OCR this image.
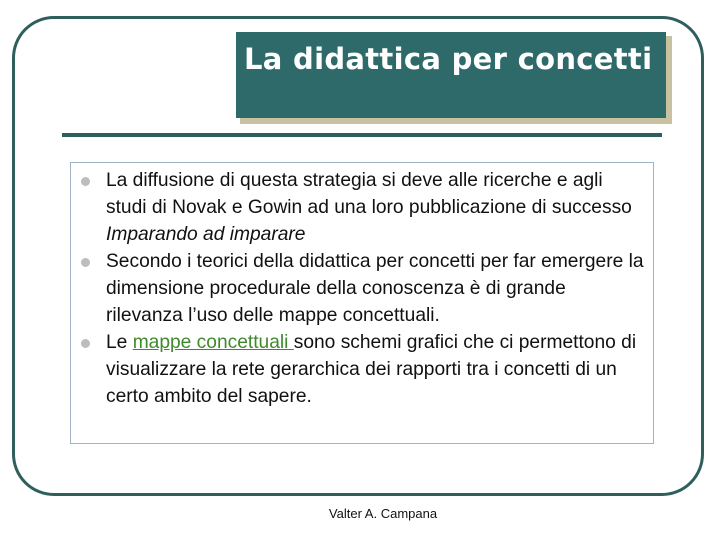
La didattica per concetti
La diffusione di questa strategia si deve alle ricerche e agli studi di Novak e Gowin ad una loro pubblicazione di successo Imparando ad imparare
Secondo i teorici della didattica per concetti per far emergere la dimensione procedurale della conoscenza è di grande rilevanza l’uso delle mappe concettuali.
Le mappe concettuali sono schemi grafici che ci permettono di visualizzare la rete gerarchica dei rapporti tra i concetti di un certo ambito del sapere.
Valter A. Campana
